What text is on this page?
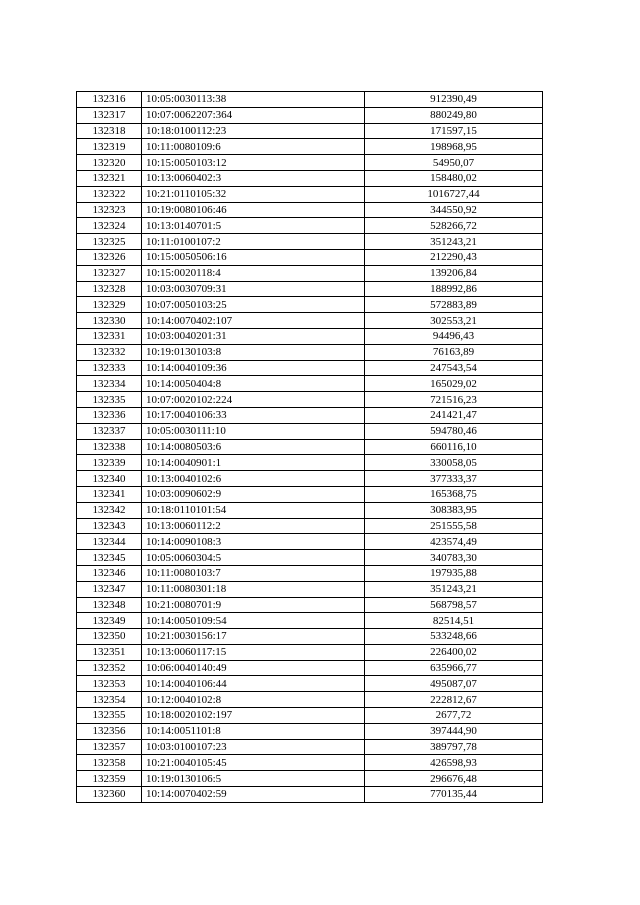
132316	10:05:0030113:38	912390,49
132317	10:07:0062207:364	880249,80
132318	10:18:0100112:23	171597,15
132319	10:11:0080109:6	198968,95
132320	10:15:0050103:12	54950,07
132321	10:13:0060402:3	158480,02
132322	10:21:0110105:32	1016727,44
132323	10:19:0080106:46	344550,92
132324	10:13:0140701:5	528266,72
132325	10:11:0100107:2	351243,21
132326	10:15:0050506:16	212290,43
132327	10:15:0020118:4	139206,84
132328	10:03:0030709:31	188992,86
132329	10:07:0050103:25	572883,89
132330	10:14:0070402:107	302553,21
132331	10:03:0040201:31	94496,43
132332	10:19:0130103:8	76163,89
132333	10:14:0040109:36	247543,54
132334	10:14:0050404:8	165029,02
132335	10:07:0020102:224	721516,23
132336	10:17:0040106:33	241421,47
132337	10:05:0030111:10	594780,46
132338	10:14:0080503:6	660116,10
132339	10:14:0040901:1	330058,05
132340	10:13:0040102:6	377333,37
132341	10:03:0090602:9	165368,75
132342	10:18:0110101:54	308383,95
132343	10:13:0060112:2	251555,58
132344	10:14:0090108:3	423574,49
132345	10:05:0060304:5	340783,30
132346	10:11:0080103:7	197935,88
132347	10:11:0080301:18	351243,21
132348	10:21:0080701:9	568798,57
132349	10:14:0050109:54	82514,51
132350	10:21:0030156:17	533248,66
132351	10:13:0060117:15	226400,02
132352	10:06:0040140:49	635966,77
132353	10:14:0040106:44	495087,07
132354	10:12:0040102:8	222812,67
132355	10:18:0020102:197	2677,72
132356	10:14:0051101:8	397444,90
132357	10:03:0100107:23	389797,78
132358	10:21:0040105:45	426598,93
132359	10:19:0130106:5	296676,48
132360	10:14:0070402:59	770135,44
